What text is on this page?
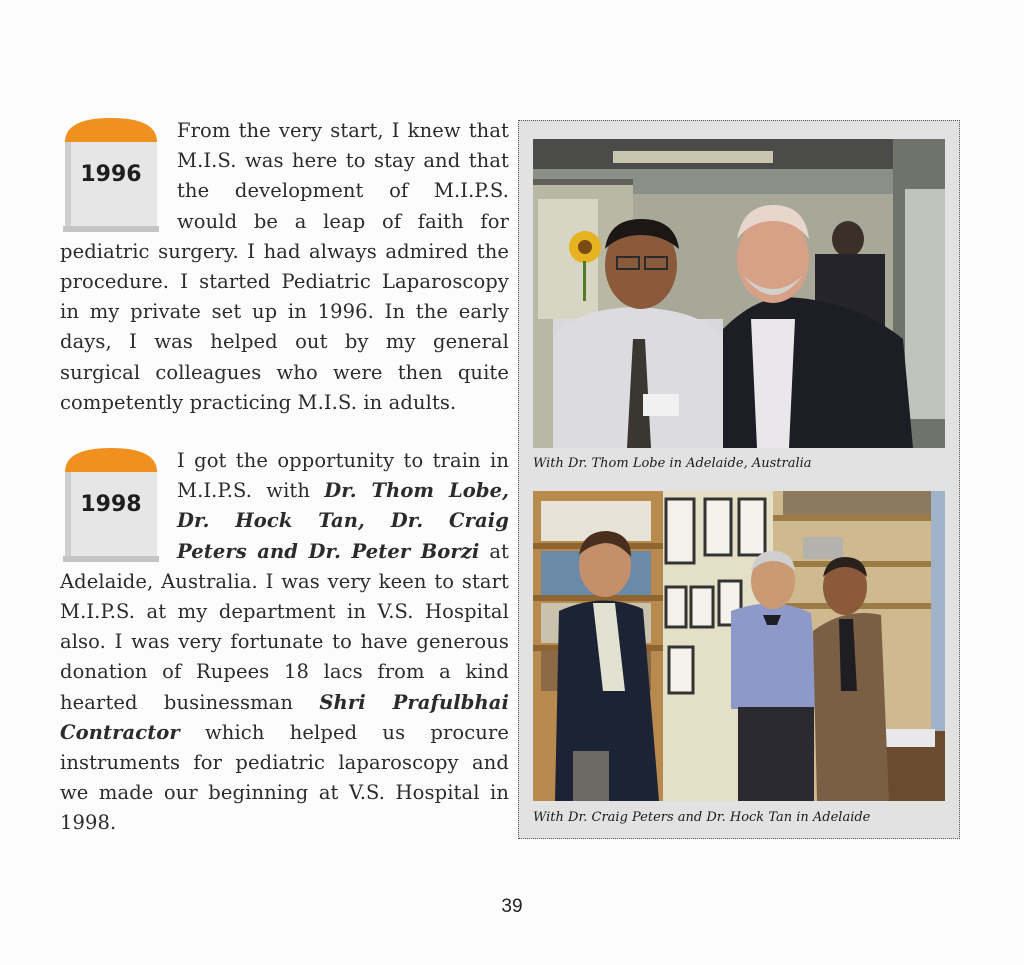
1996
1998
From the very start, I knew that M.I.S. was here to stay and that the development of M.I.P.S. would be a leap of faith for pediatric surgery. I had always admired the procedure. I started Pediatric Laparoscopy in my private set up in 1996. In the early days, I was helped out by my general surgical colleagues who were then quite competently practicing M.I.S. in adults.
I got the opportunity to train in M.I.P.S. with Dr. Thom Lobe, Dr. Hock Tan, Dr. Craig Peters and Dr. Peter Borzi at Adelaide, Australia. I was very keen to start M.I.P.S. at my department in V.S. Hospital also. I was very fortunate to have generous donation of Rupees 18 lacs from a kind hearted businessman Shri Prafulbhai Contractor which helped us procure instruments for pediatric laparoscopy and we made our beginning at V.S. Hospital in 1998.
With Dr. Thom Lobe in Adelaide, Australia
With Dr. Craig Peters and Dr. Hock Tan in Adelaide
39
